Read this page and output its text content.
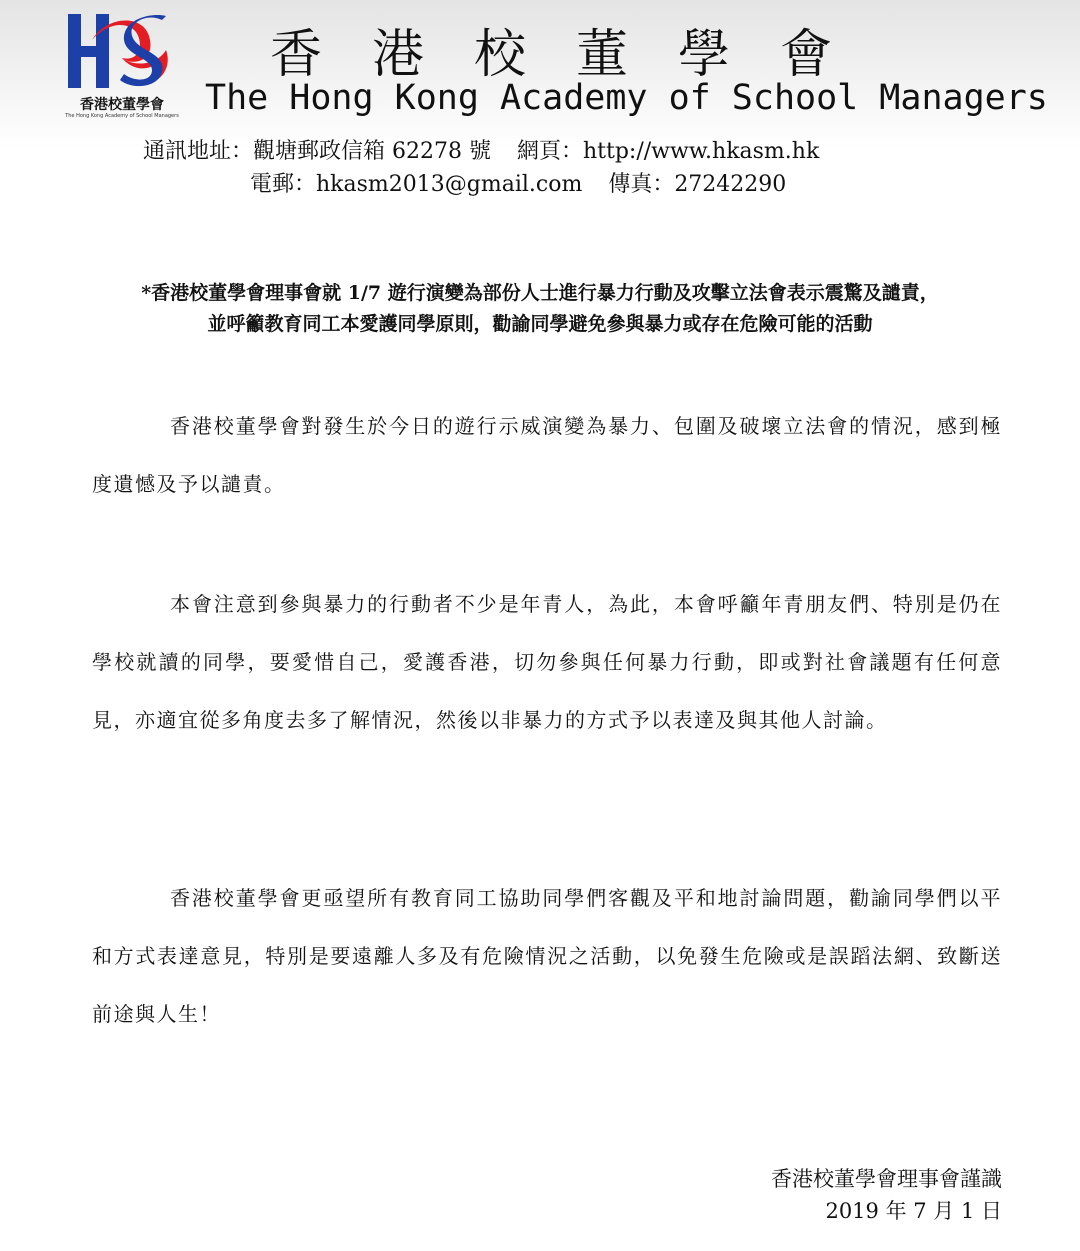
香港校董學會
The Hong Kong Academy of School Managers
香港校董學會
The Hong Kong Academy of School Managers
通訊地址：觀塘郵政信箱 62278 號 網頁：http://www.hkasm.hk
電郵：hkasm2013@gmail.com 傳真：27242290
*香港校董學會理事會就 1/7 遊行演變為部份人士進行暴力行動及攻擊立法會表示震驚及譴責，
並呼籲教育同工本愛護同學原則，勸諭同學避免參與暴力或存在危險可能的活動
香港校董學會對發生於今日的遊行示威演變為暴力、包圍及破壞立法會的情況，感到極度遺憾及予以譴責。
本會注意到參與暴力的行動者不少是年青人，為此，本會呼籲年青朋友們、特別是仍在學校就讀的同學，要愛惜自己，愛護香港，切勿參與任何暴力行動，即或對社會議題有任何意見，亦適宜從多角度去多了解情況，然後以非暴力的方式予以表達及與其他人討論。
香港校董學會更亟望所有教育同工協助同學們客觀及平和地討論問題，勸諭同學們以平和方式表達意見，特別是要遠離人多及有危險情況之活動，以免發生危險或是誤蹈法網、致斷送前途與人生！
香港校董學會理事會謹識
2019 年 7 月 1 日
